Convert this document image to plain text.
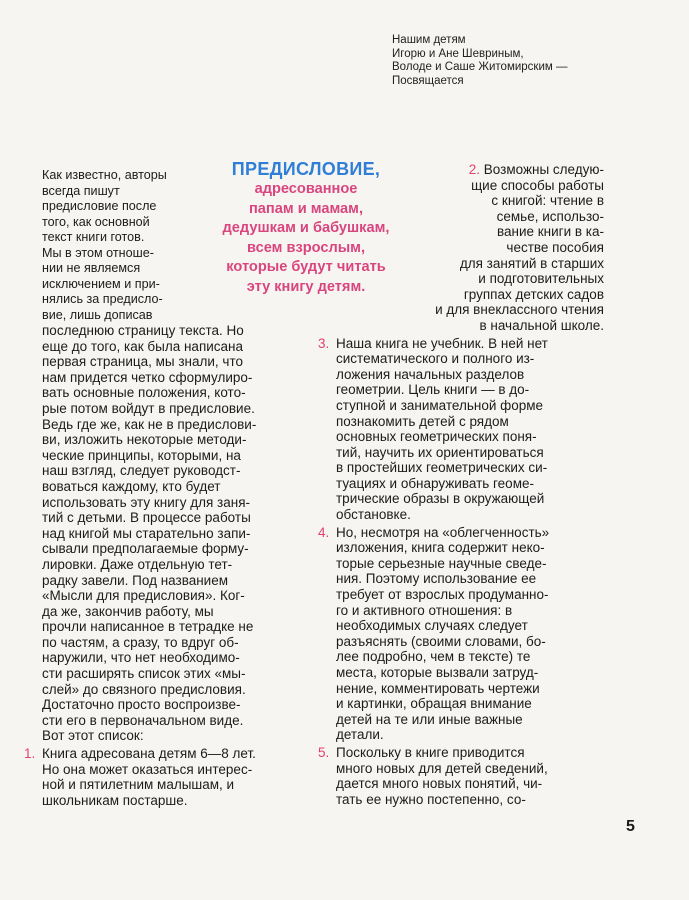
Нашим детям
Игорю и Ане Шевриным,
Володе и Саше Житомирским —
Посвящается
ПРЕДИСЛОВИЕ,
адресованное
папам и мамам,
дедушкам и бабушкам,
всем взрослым,
которые будут читать
эту книгу детям.
Как известно, авторы
всегда пишут
предисловие после
того, как основной
текст книги готов.
Мы в этом отноше-
нии не являемся
исключением и при-
нялись за предисло-
вие, лишь дописав
последнюю страницу текста. Но
еще до того, как была написана
первая страница, мы знали, что
нам придется четко сформулиро-
вать основные положения, кото-
рые потом войдут в предисловие.
Ведь где же, как не в предислови-
ви, изложить некоторые методи-
ческие принципы, которыми, на
наш взгляд, следует руководст-
воваться каждому, кто будет
использовать эту книгу для заня-
тий с детьми. В процессе работы
над книгой мы старательно запи-
сывали предполагаемые форму-
лировки. Даже отдельную тет-
радку завели. Под названием
«Мысли для предисловия». Ког-
да же, закончив работу, мы
прочли написанное в тетрадке не
по частям, а сразу, то вдруг об-
наружили, что нет необходимо-
сти расширять список этих «мы-
слей» до связного предисловия.
Достаточно просто воспроизве-
сти его в первоначальном виде.
Вот этот список:
1. Книга адресована детям 6—8 лет.
Но она может оказаться интерес-
ной и пятилетним малышам, и
школьникам постарше.
2. Возможны следую-
щие способы работы
с книгой: чтение в
семье, использо-
вание книги в ка-
честве пособия
для занятий в старших
и подготовительных
группах детских садов
и для внеклассного чтения
в начальной школе.
3. Наша книга не учебник. В ней нет
систематического и полного из-
ложения начальных разделов
геометрии. Цель книги — в до-
ступной и занимательной форме
познакомить детей с рядом
основных геометрических поня-
тий, научить их ориентироваться
в простейших геометрических си-
туациях и обнаруживать геоме-
трические образы в окружающей
обстановке.
4. Но, несмотря на «облегченность»
изложения, книга содержит неко-
торые серьезные научные сведе-
ния. Поэтому использование ее
требует от взрослых продуманно-
го и активного отношения: в
необходимых случаях следует
разъяснять (своими словами, бо-
лее подробно, чем в тексте) те
места, которые вызвали затруд-
нение, комментировать чертежи
и картинки, обращая внимание
детей на те или иные важные
детали.
5. Поскольку в книге приводится
много новых для детей сведений,
дается много новых понятий, чи-
тать ее нужно постепенно, со-
5
